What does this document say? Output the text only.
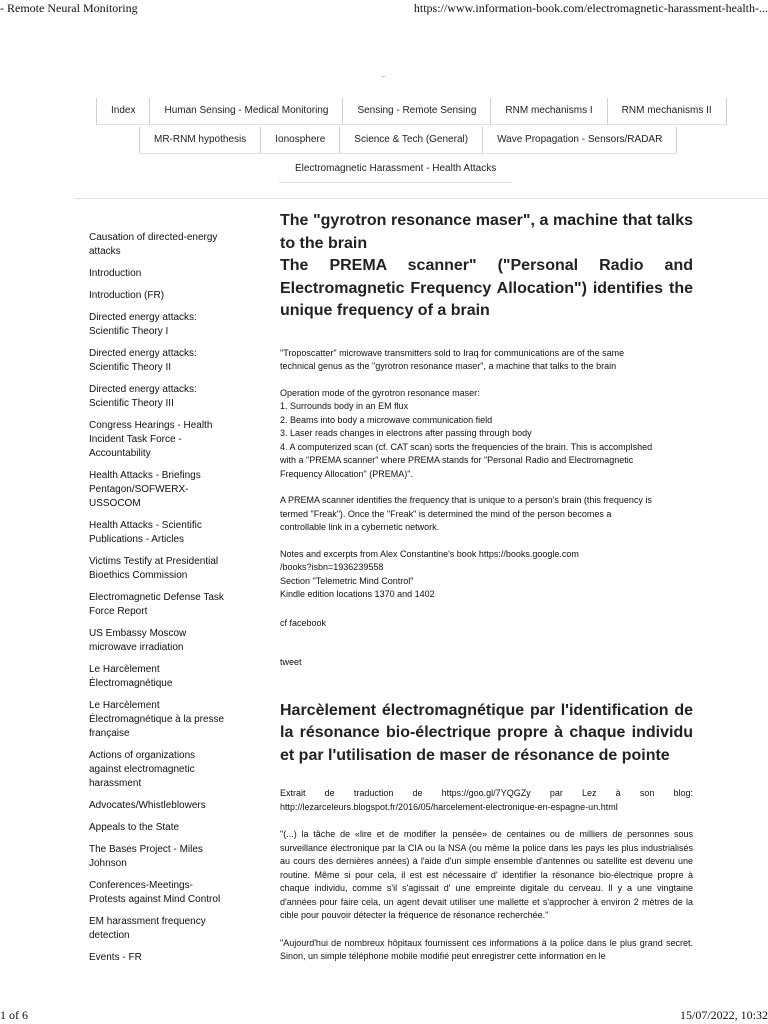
- Remote Neural Monitoring	https://www.information-book.com/electromagnetic-harassment-health-...
Index	Human Sensing - Medical Monitoring	Sensing - Remote Sensing	RNM mechanisms I	RNM mechanisms II
MR-RNM hypothesis	Ionosphere	Science & Tech (General)	Wave Propagation - Sensors/RADAR
Electromagnetic Harassment - Health Attacks
Causation of directed-energy
attacks
Introduction
Introduction (FR)
Directed energy attacks:
Scientific Theory I
Directed energy attacks:
Scientific Theory II
Directed energy attacks:
Scientific Theory III
Congress Hearings - Health
Incident Task Force -
Accountability
Health Attacks - Briefings
Pentagon/SOFWERX-
USSOCOM
Health Attacks - Scientific
Publications - Articles
Victims Testify at Presidential
Bioethics Commission
Electromagnetic Defense Task
Force Report
US Embassy Moscow
microwave irradiation
Le Harcèlement
Électromagnétique
Le Harcèlement
Électromagnétique à la presse
française
Actions of organizations
against electromagnetic
harassment
Advocates/Whistleblowers
Appeals to the State
The Bases Project - Miles
Johnson
Conferences-Meetings-
Protests against Mind Control
EM harassment frequency
detection
Events - FR
The "gyrotron resonance maser", a machine that talks to the brain
The PREMA scanner" ("Personal Radio and Electromagnetic Frequency Allocation") identifies the unique frequency of a brain

"Troposcatter" microwave transmitters sold to Iraq for communications are of the same
technical genus as the "gyrotron resonance maser", a machine that talks to the brain

Operation mode of the gyrotron resonance maser:
1. Surrounds body in an EM flux
2. Beams into body a microwave communication field
3. Laser reads changes in electrons after passing through body
4. A computerized scan (cf. CAT scan) sorts the frequencies of the brain. This is accomplshed
with a "PREMA scanner" where PREMA stands for "Personal Radio and Electromagnetic
Frequency Allocation" (PREMA)".

A PREMA scanner identifies the frequency that is unique to a person's brain (this frequency is
termed "Freak"). Once the "Freak" is determined the mind of the person becomes a
controllable link in a cybernetic network.

Notes and excerpts from Alex Constantine's book https://books.google.com
/books?isbn=1936239558
Section "Telemetric Mind Control"
Kindle edition locations 1370 and 1402

cf facebook

tweet

Harcèlement électromagnétique par l'identification de la résonance bio-électrique propre à chaque individu et par l'utilisation de maser de résonance de pointe

Extrait de traduction de https://goo.gl/7YQGZy par Lez à son blog: http://lezarceleurs.blogspot.fr/2016/05/harcelement-electronique-en-espagne-un.html

"(...) la tâche de «lire et de modifier la pensée» de centaines ou de milliers de personnes sous surveillance électronique par la CIA ou la NSA (ou même la police dans les pays les plus industrialisés au cours des dernières années) à l'aide d'un simple ensemble d'antennes ou satellite est devenu une routine. Même si pour cela, il est est nécessaire d' identifier la résonance bio-électrique propre à chaque individu, comme s'il s'agissait d' une empreinte digitale du cerveau. Il y a une vingtaine d'années pour faire cela, un agent devait utiliser une mallette et s'approcher à environ 2 mètres de la cible pour pouvoir détecter la fréquence de résonance recherchée."

"Aujourd'hui de nombreux hôpitaux fournissent ces informations à la police dans le plus grand secret. Sinon, un simple téléphone mobile modifié peut enregistrer cette information en le

1 of 6	15/07/2022, 10:32
